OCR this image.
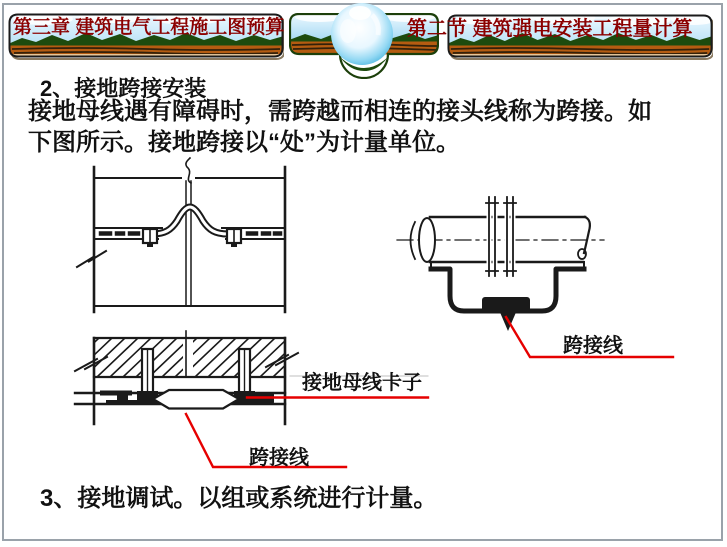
第三章 建筑电气工程施工图预算	第二节 建筑强电安装工程量计算
2、接地跨接安装
接地母线遇有障碍时，需跨越而相连的接头线称为跨接。如
下图所示。接地跨接以“处”为计量单位。
3、接地调试。以组或系统进行计量。
接地母线卡子
跨接线
跨接线
